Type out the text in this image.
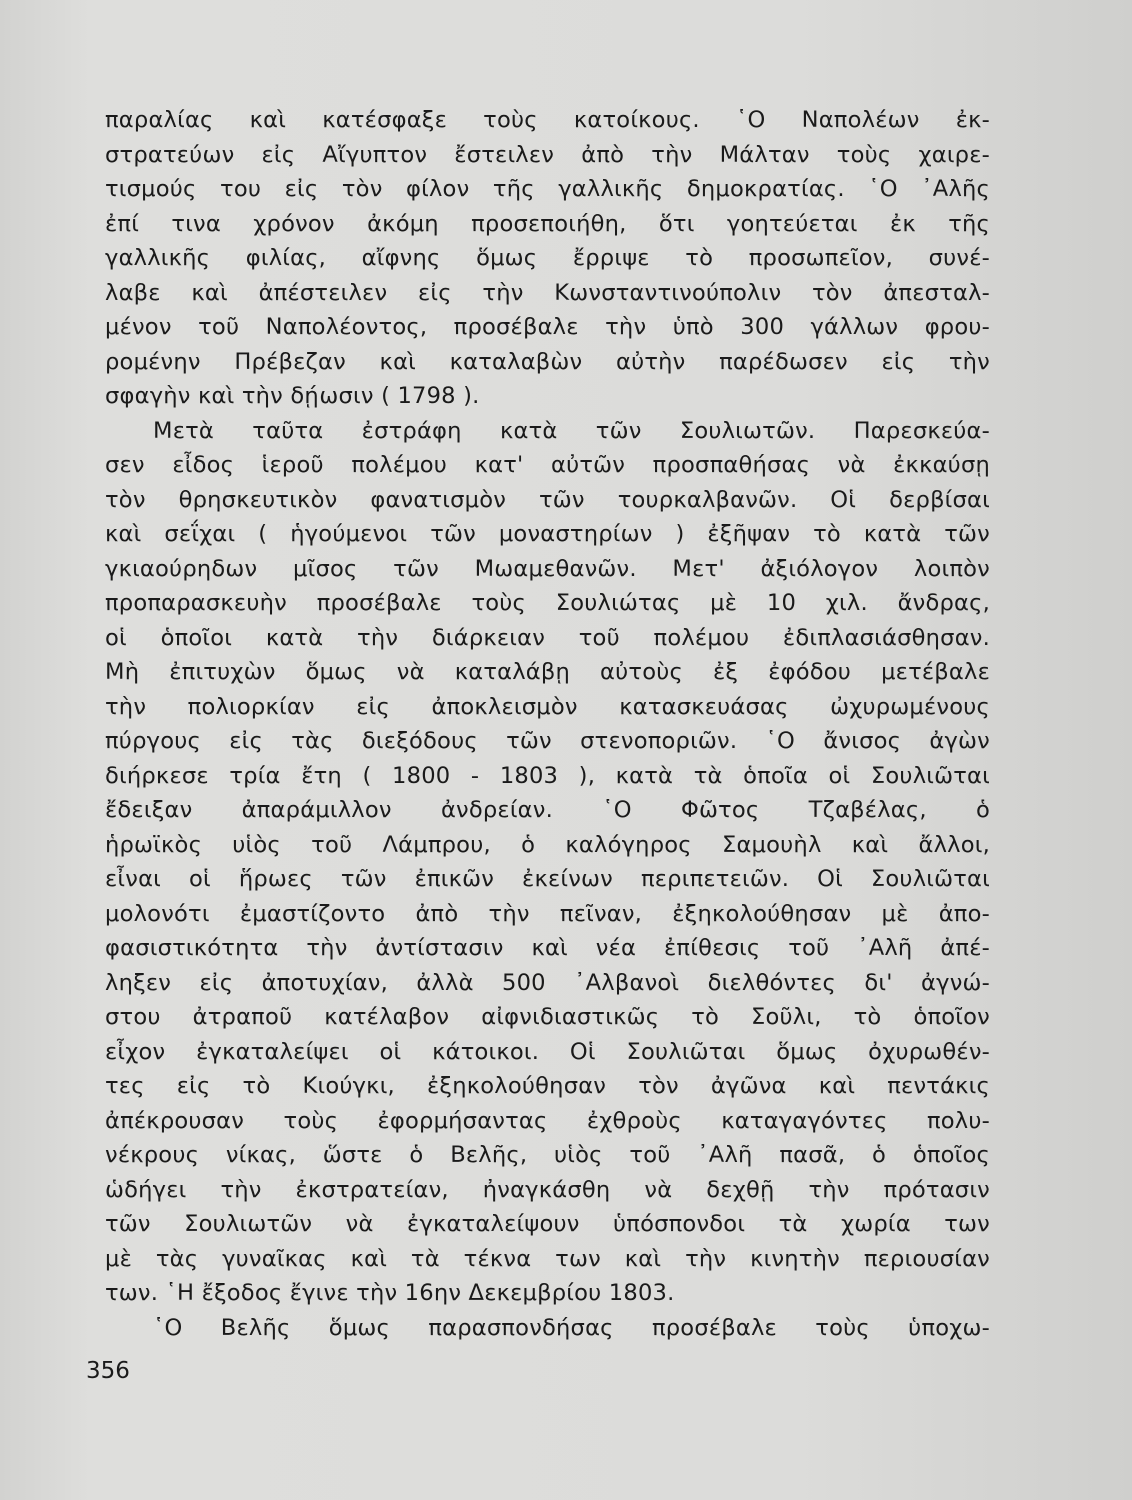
παραλίας καὶ κατέσφαξε τοὺς κατοίκους. ῾Ο Ναπολέων ἐκ-
στρατεύων εἰς Αἴγυπτον ἔστειλεν ἀπὸ τὴν Μάλταν τοὺς χαιρε-
τισμούς του εἰς τὸν φίλον τῆς γαλλικῆς δημοκρατίας. ῾Ο ᾿Αλῆς
ἐπί τινα χρόνον ἀκόμη προσεποιήθη, ὅτι γοητεύεται ἐκ τῆς
γαλλικῆς φιλίας, αἴφνης ὅμως ἔρριψε τὸ προσωπεῖον, συνέ-
λαβε καὶ ἀπέστειλεν εἰς τὴν Κωνσταντινούπολιν τὸν ἀπεσταλ-
μένον τοῦ Ναπολέοντος, προσέβαλε τὴν ὑπὸ 300 γάλλων φρου-
ρομένην Πρέβεζαν καὶ καταλαβὼν αὐτὴν παρέδωσεν εἰς τὴν
σφαγὴν καὶ τὴν δῄωσιν ( 1798 ).
Μετὰ ταῦτα ἐστράφη κατὰ τῶν Σουλιωτῶν. Παρεσκεύα-
σεν εἶδος ἱεροῦ πολέμου κατ' αὐτῶν προσπαθήσας νὰ ἐκκαύσῃ
τὸν θρησκευτικὸν φανατισμὸν τῶν τουρκαλβανῶν. Οἱ δερβίσαι
καὶ σεΐχαι ( ἡγούμενοι τῶν μοναστηρίων ) ἐξῆψαν τὸ κατὰ τῶν
γκιαούρηδων μῖσος τῶν Μωαμεθανῶν. Μετ' ἀξιόλογον λοιπὸν
προπαρασκευὴν προσέβαλε τοὺς Σουλιώτας μὲ 10 χιλ. ἄνδρας,
οἱ ὁποῖοι κατὰ τὴν διάρκειαν τοῦ πολέμου ἐδιπλασιάσθησαν.
Μὴ ἐπιτυχὼν ὅμως νὰ καταλάβῃ αὐτοὺς ἐξ ἐφόδου μετέβαλε
τὴν πολιορκίαν εἰς ἀποκλεισμὸν κατασκευάσας ὠχυρωμένους
πύργους εἰς τὰς διεξόδους τῶν στενοποριῶν. ῾Ο ἄνισος ἀγὼν
διήρκεσε τρία ἔτη ( 1800 - 1803 ), κατὰ τὰ ὁποῖα οἱ Σουλιῶται
ἔδειξαν ἀπαράμιλλον ἀνδρείαν. ῾Ο Φῶτος Τζαβέλας, ὁ
ἡρωϊκὸς υἱὸς τοῦ Λάμπρου, ὁ καλόγηρος Σαμουὴλ καὶ ἄλλοι,
εἶναι οἱ ἥρωες τῶν ἐπικῶν ἐκείνων περιπετειῶν. Οἱ Σουλιῶται
μολονότι ἐμαστίζοντο ἀπὸ τὴν πεῖναν, ἐξηκολούθησαν μὲ ἀπο-
φασιστικότητα τὴν ἀντίστασιν καὶ νέα ἐπίθεσις τοῦ ᾿Αλῆ ἀπέ-
ληξεν εἰς ἀποτυχίαν, ἀλλὰ 500 ᾿Αλβανοὶ διελθόντες δι' ἀγνώ-
στου ἀτραποῦ κατέλαβον αἰφνιδιαστικῶς τὸ Σοῦλι, τὸ ὁποῖον
εἶχον ἐγκαταλείψει οἱ κάτοικοι. Οἱ Σουλιῶται ὅμως ὀχυρωθέν-
τες εἰς τὸ Κιούγκι, ἐξηκολούθησαν τὸν ἀγῶνα καὶ πεντάκις
ἀπέκρουσαν τοὺς ἐφορμήσαντας ἐχθροὺς καταγαγόντες πολυ-
νέκρους νίκας, ὥστε ὁ Βελῆς, υἱὸς τοῦ ᾿Αλῆ πασᾶ, ὁ ὁποῖος
ὡδήγει τὴν ἐκστρατείαν, ἠναγκάσθη νὰ δεχθῇ τὴν πρότασιν
τῶν Σουλιωτῶν νὰ ἐγκαταλείψουν ὑπόσπονδοι τὰ χωρία των
μὲ τὰς γυναῖκας καὶ τὰ τέκνα των καὶ τὴν κινητὴν περιουσίαν
των. ῾Η ἔξοδος ἔγινε τὴν 16ην Δεκεμβρίου 1803.
῾Ο Βελῆς ὅμως παρασπονδήσας προσέβαλε τοὺς ὑποχω-
356
